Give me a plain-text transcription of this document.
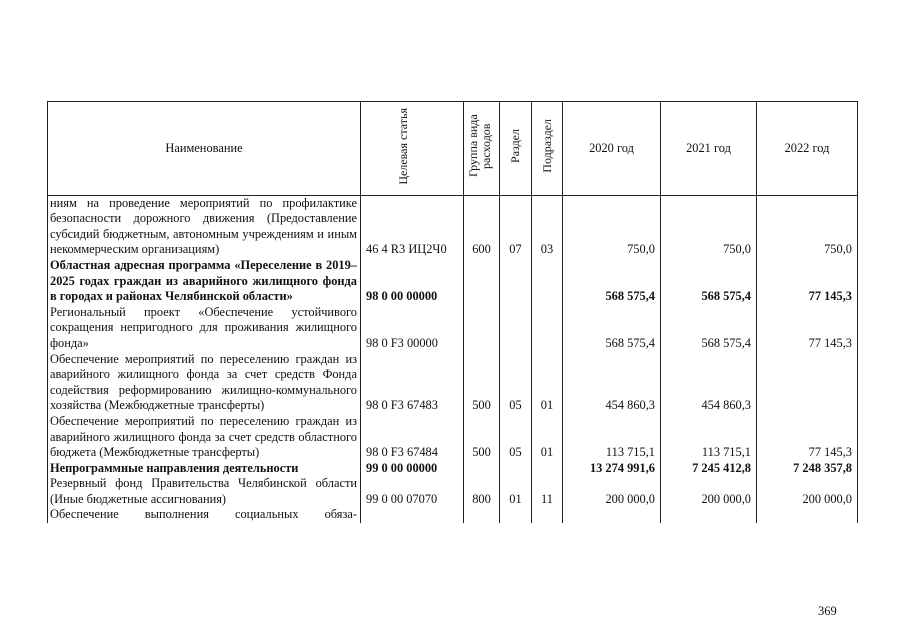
Наименование	Целевая статья	Группа вида расходов	Раздел	Подраздел	2020 год	2021 год	2022 год
ниям на проведение мероприятий по профилактике безопасности дорожного движения (Предоставление субсидий бюджетным, автономным учреждениям и иным некоммерческим организациям)	46 4 R3 ИЦ2Ч0	600	07	03	750,0	750,0	750,0
Областная адресная программа «Переселение в 2019–2025 годах граждан из аварийного жилищного фонда в городах и районах Челябинской области»	98 0 00 00000				568 575,4	568 575,4	77 145,3
Региональный проект «Обеспечение устойчивого сокращения непригодного для проживания жилищного фонда»	98 0 F3 00000				568 575,4	568 575,4	77 145,3
Обеспечение мероприятий по переселению граждан из аварийного жилищного фонда за счет средств Фонда содействия реформированию жилищно-коммунального хозяйства (Межбюджетные трансферты)	98 0 F3 67483	500	05	01	454 860,3	454 860,3	
Обеспечение мероприятий по переселению граждан из аварийного жилищного фонда за счет средств областного бюджета (Межбюджетные трансферты)	98 0 F3 67484	500	05	01	113 715,1	113 715,1	77 145,3
Непрограммные направления деятельности	99 0 00 00000				13 274 991,6	7 245 412,8	7 248 357,8
Резервный фонд Правительства Челябинской области (Иные бюджетные ассигнования)	99 0 00 07070	800	01	11	200 000,0	200 000,0	200 000,0
Обеспечение выполнения социальных обяза-							
369
